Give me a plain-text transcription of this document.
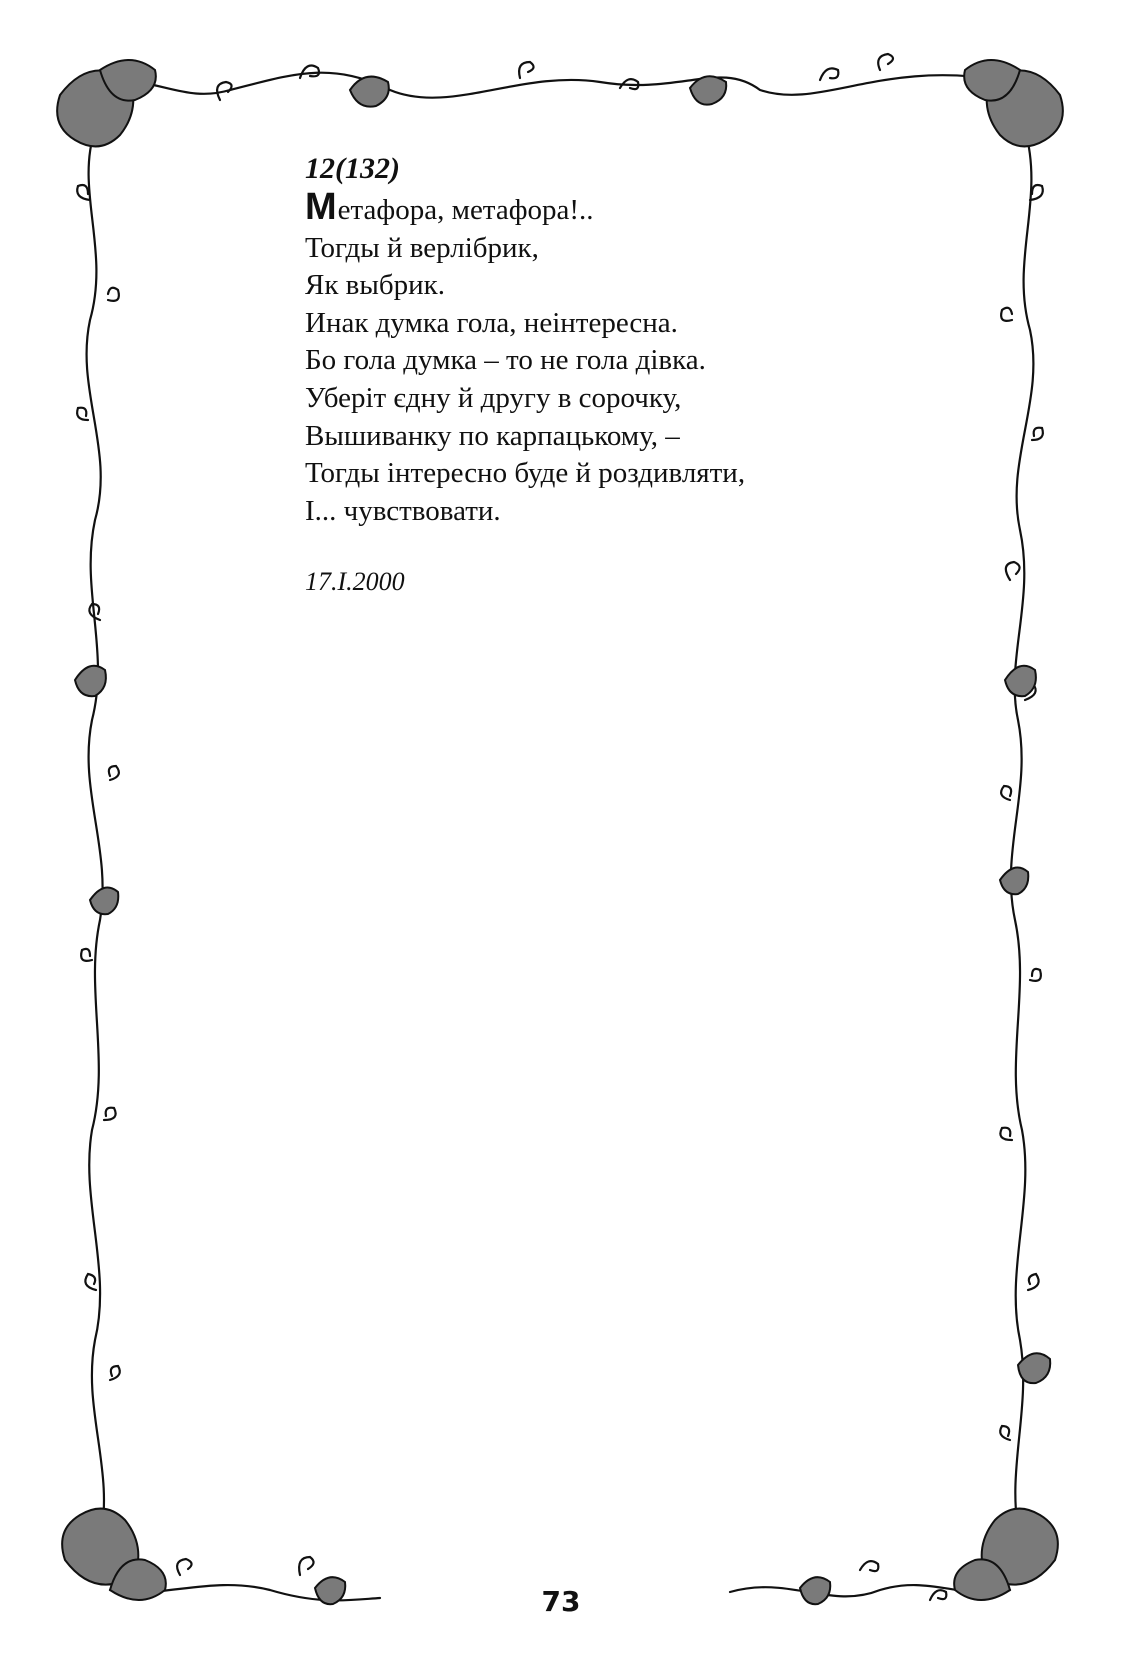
12(132)
М етафора, метафора!..
Тогды й верлібрик,
Як выбрик.
Инак думка гола, неінтересна.
Бо гола думка – то не гола дівка.
Уберіт єдну й другу в сорочку,
Вышиванку по карпацькому, –
Тогды інтересно буде й роздивляти,
І... чувствовати.
17.I.2000
73
